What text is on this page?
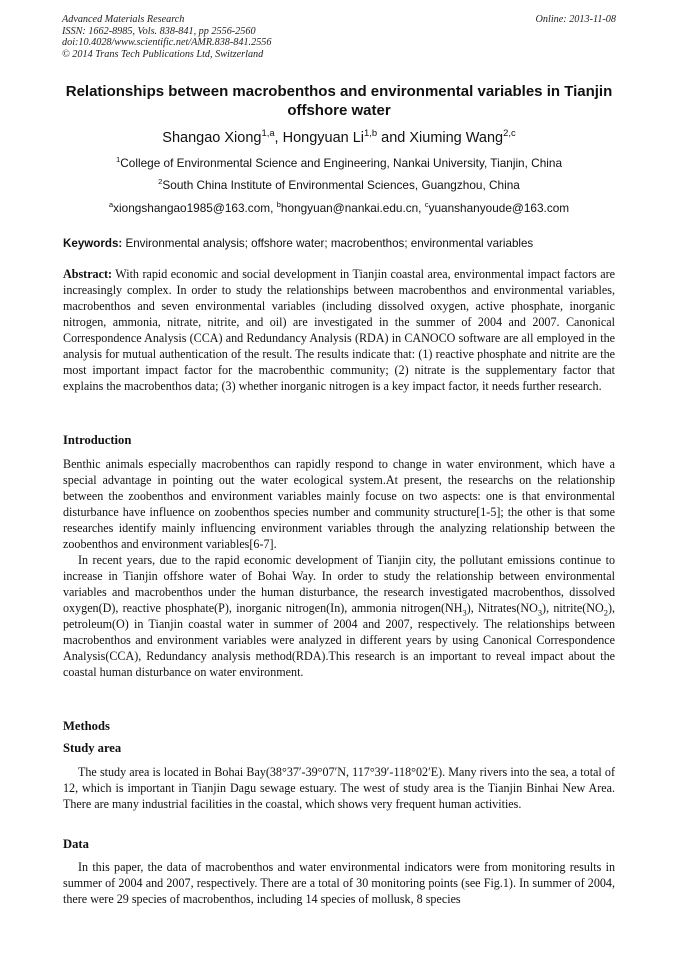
Advanced Materials Research
ISSN: 1662-8985, Vols. 838-841, pp 2556-2560
doi:10.4028/www.scientific.net/AMR.838-841.2556
© 2014 Trans Tech Publications Ltd, Switzerland
Online: 2013-11-08
Relationships between macrobenthos and environmental variables in Tianjin offshore water
Shangao Xiong$^{1,a}$, Hongyuan Li$^{1,b}$ and Xiuming Wang$^{2,c}$
$^1$College of Environmental Science and Engineering, Nankai University, Tianjin, China
$^2$South China Institute of Environmental Sciences, Guangzhou, China
$^a$xiongshangao1985@163.com, $^b$hongyuan@nankai.edu.cn, $^c$yuanshanyoude@163.com
Keywords: Environmental analysis; offshore water; macrobenthos; environmental variables
Abstract: With rapid economic and social development in Tianjin coastal area, environmental impact factors are increasingly complex. In order to study the relationships between macrobenthos and environmental variables, macrobenthos and seven environmental variables (including dissolved oxygen, active phosphate, inorganic nitrogen, ammonia, nitrate, nitrite, and oil) are investigated in the summer of 2004 and 2007. Canonical Correspondence Analysis (CCA) and Redundancy Analysis (RDA) in CANOCO software are all employed in the analysis for mutual authentication of the result. The results indicate that: (1) reactive phosphate and nitrite are the most important impact factor for the macrobenthic community; (2) nitrate is the supplementary factor that explains the macrobenthos data; (3) whether inorganic nitrogen is a key impact factor, it needs further research.
Introduction

Benthic animals especially macrobenthos can rapidly respond to change in water environment, which have a special advantage in pointing out the water ecological system.At present, the researchs on the relationship between the zoobenthos and environment variables mainly focuse on two aspects: one is that environmental disturbance have influence on zoobenthos species number and community structure[1-5]; the other is that some researches identify mainly influencing environment variables through the analyzing relationship between the zoobenthos and environment variables[6-7].

In recent years, due to the rapid economic development of Tianjin city, the pollutant emissions continue to increase in Tianjin offshore water of Bohai Way. In order to study the relationship between environmental variables and macrobenthos under the human disturbance, the research investigated macrobenthos, dissolved oxygen(D), reactive phosphate(P), inorganic nitrogen(In), ammonia $nitrogen(NH_3)$, $Nitrates(NO_3)$, $nitrite(NO_2)$, petroleum(O) in Tianjin coastal water in summer of 2004 and 2007, respectively. The relationships between macrobenthos and environment variables were analyzed in different years by using Canonical Correspondence Analysis(CCA), Redundancy analysis method(RDA).This research is an important to reveal impact about the coastal human disturbance on water environment.

Methods
Study area

The study area is located in Bohai Bay(38°37′-39°07′N, 117°39′-118°02′E). Many rivers into the sea, a total of 12, which is important in Tianjin Dagu sewage estuary. The west of study area is the Tianjin Binhai New Area. There are many industrial facilities in the coastal, which shows very frequent human activities.

Data

In this paper, the data of macrobenthos and water environmental indicators were from monitoring results in summer of 2004 and 2007, respectively. There are a total of 30 monitoring points (see Fig.1). In summer of 2004, there were 29 species of macrobenthos, including 14 species of mollusk, 8 species
